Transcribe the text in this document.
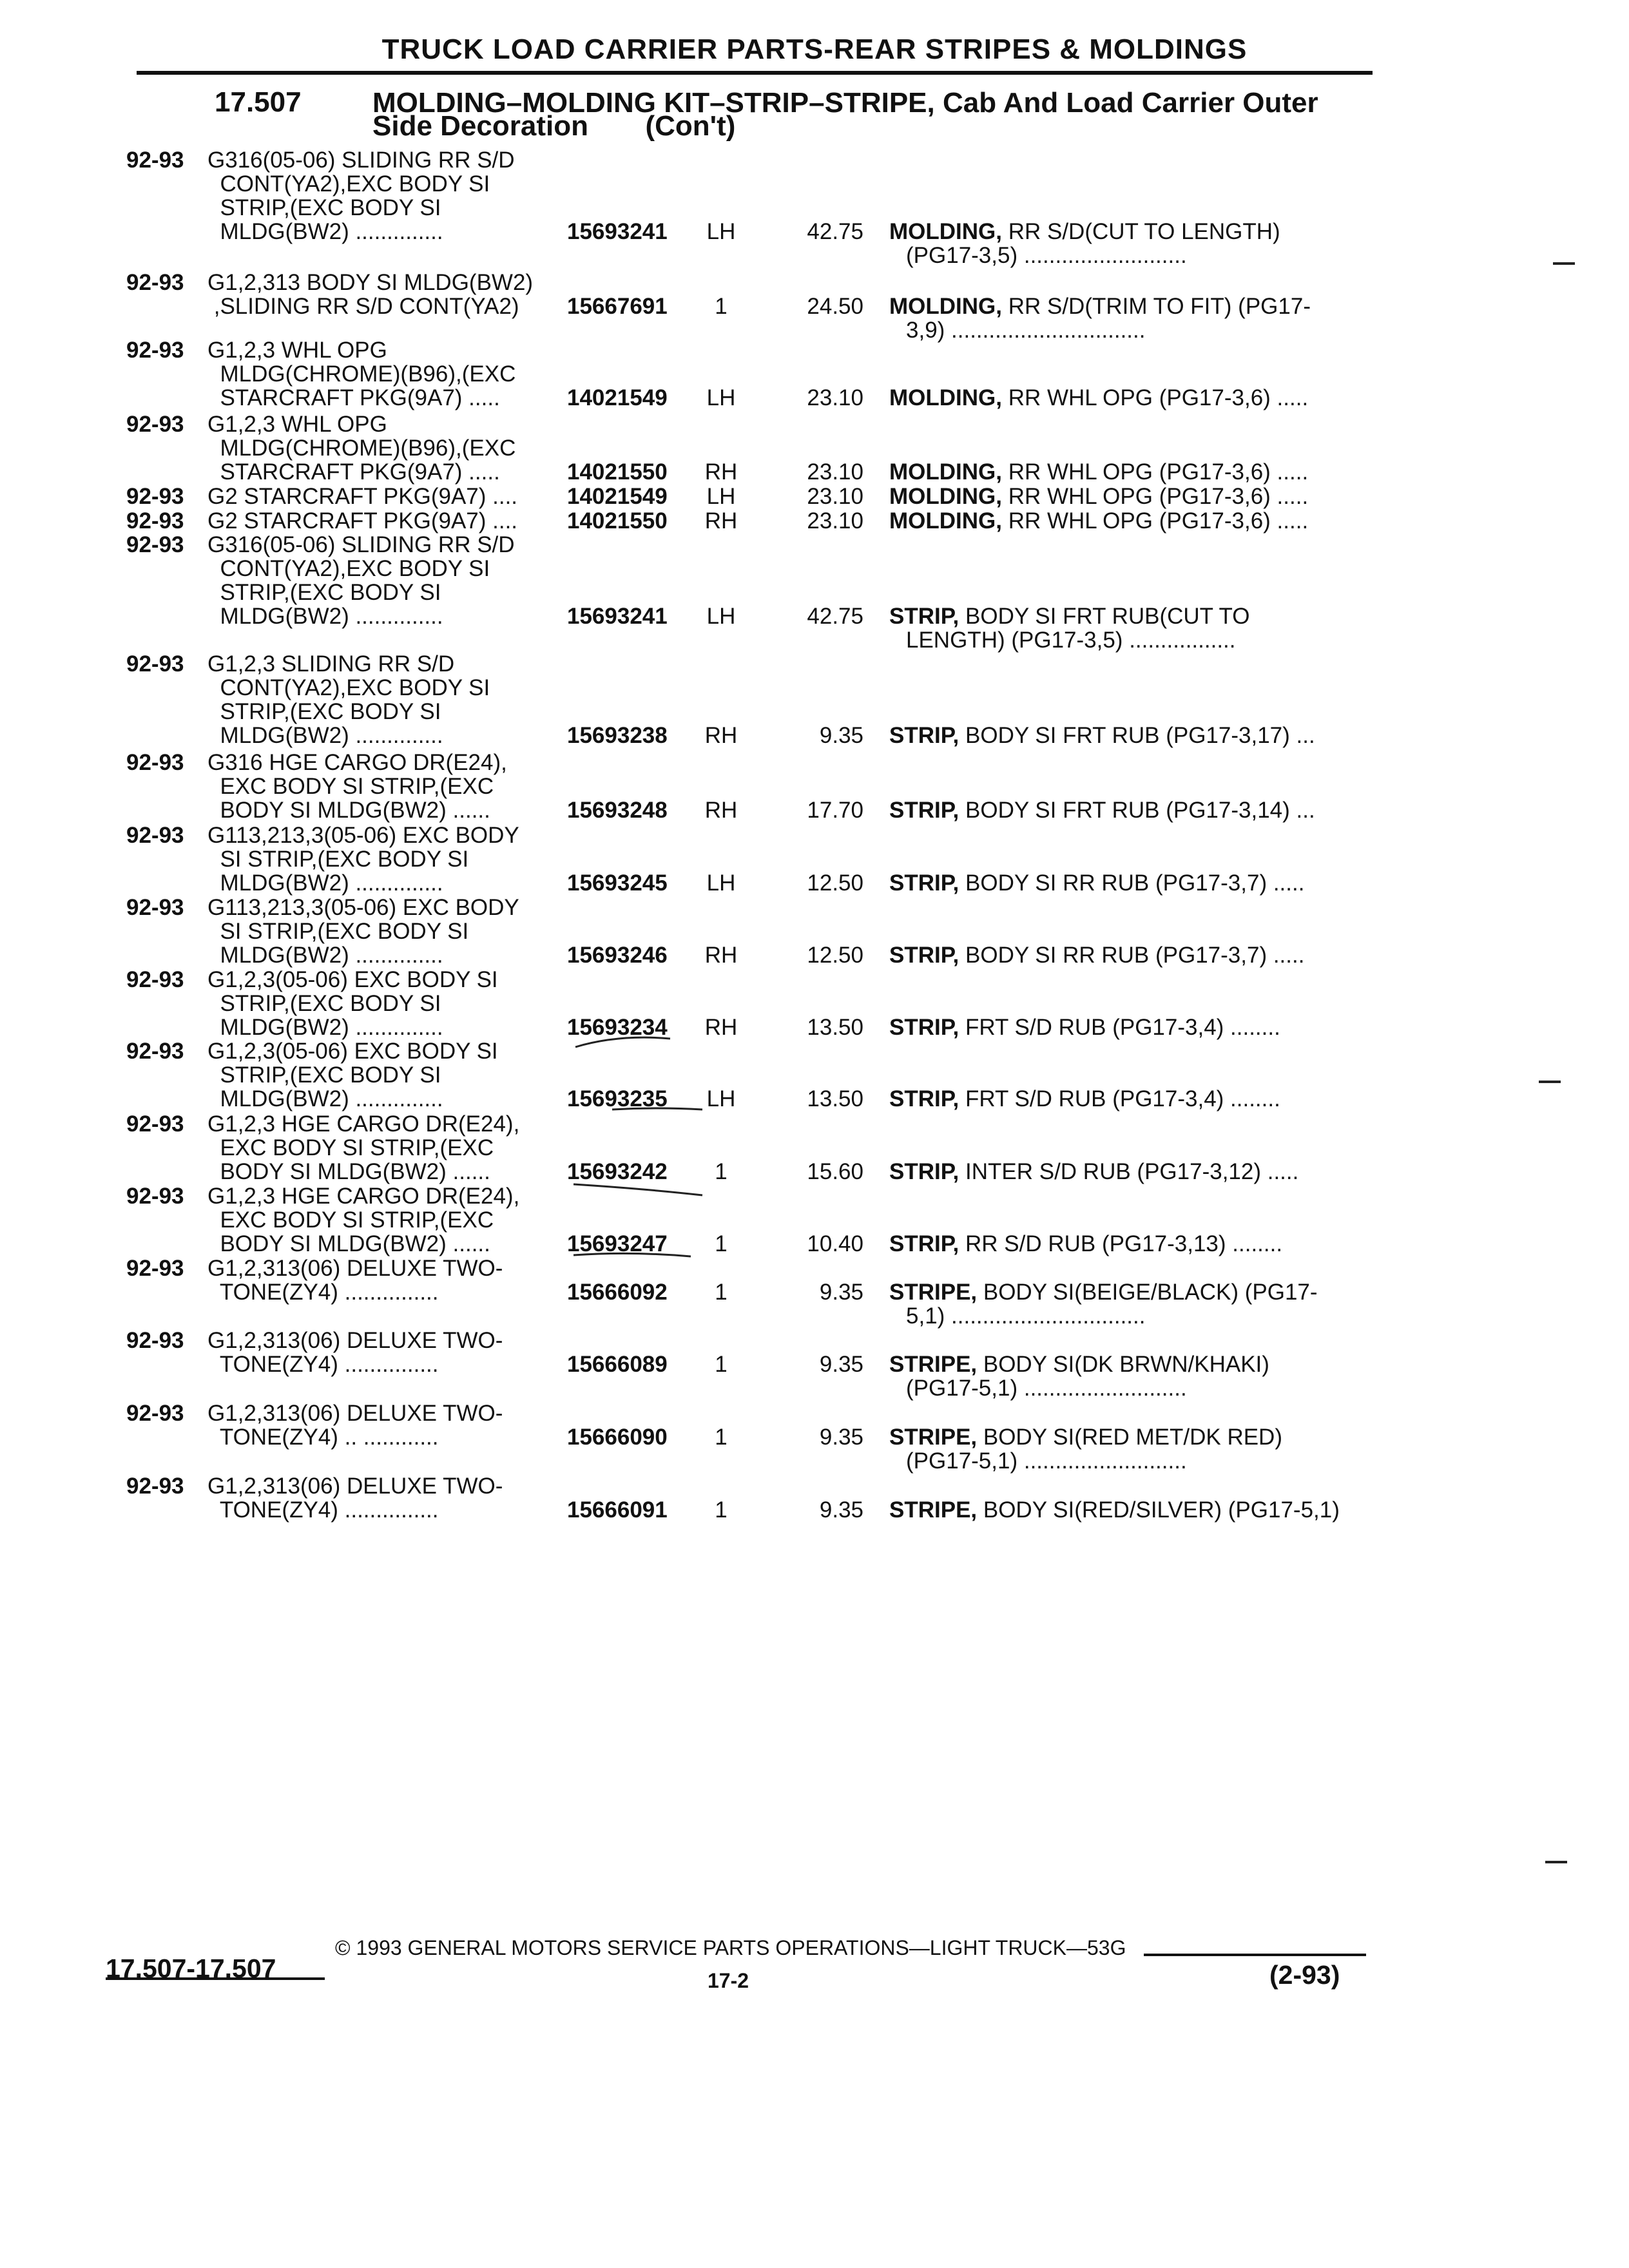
TRUCK LOAD CARRIER PARTS-REAR STRIPES & MOLDINGS
17.507	MOLDING–MOLDING KIT–STRIP–STRIPE, Cab And Load Carrier Outer
Side Decoration (Con't)
92-93 G316(05-06) SLIDING RR S/D
CONT(YA2),EXC BODY SI
STRIP,(EXC BODY SI
MLDG(BW2) ..............	15693241	LH	42.75 MOLDING, RR S/D(CUT TO LENGTH)
(PG17-3,5) ..........................
92-93 G1,2,313 BODY SI MLDG(BW2)
,SLIDING RR S/D CONT(YA2)	15667691	1	24.50 MOLDING, RR S/D(TRIM TO FIT) (PG17-
3,9) ...............................
92-93 G1,2,3 WHL OPG
MLDG(CHROME)(B96),(EXC
STARCRAFT PKG(9A7) .....	14021549	LH	23.10 MOLDING, RR WHL OPG (PG17-3,6) .....
92-93 G1,2,3 WHL OPG
MLDG(CHROME)(B96),(EXC
STARCRAFT PKG(9A7) .....	14021550 RH	23.10 MOLDING, RR WHL OPG (PG17-3,6) .....
92-93 G2 STARCRAFT PKG(9A7) .... 14021549	LH	23.10 MOLDING, RR WHL OPG (PG17-3,6) .....
92-93 G2 STARCRAFT PKG(9A7) .... 14021550 RH	23.10 MOLDING, RR WHL OPG (PG17-3,6) .....
92-93 G316(05-06) SLIDING RR S/D
CONT(YA2),EXC BODY SI
STRIP,(EXC BODY SI
MLDG(BW2) ..............	15693241	LH	42.75 STRIP, BODY SI FRT RUB(CUT TO
LENGTH) (PG17-3,5) .................
92-93 G1,2,3 SLIDING RR S/D
CONT(YA2),EXC BODY SI
STRIP,(EXC BODY SI
MLDG(BW2) ..............	15693238 RH	9.35 STRIP, BODY SI FRT RUB (PG17-3,17) ...
92-93 G316 HGE CARGO DR(E24),
EXC BODY SI STRIP,(EXC
BODY SI MLDG(BW2) ......	15693248 RH	17.70 STRIP, BODY SI FRT RUB (PG17-3,14) ...
92-93 G113,213,3(05-06) EXC BODY
SI STRIP,(EXC BODY SI
MLDG(BW2) ..............	15693245	LH	12.50 STRIP, BODY SI RR RUB (PG17-3,7) .....
92-93 G113,213,3(05-06) EXC BODY
SI STRIP,(EXC BODY SI
MLDG(BW2) ..............	15693246 RH	12.50 STRIP, BODY SI RR RUB (PG17-3,7) .....
92-93 G1,2,3(05-06) EXC BODY SI
STRIP,(EXC BODY SI
MLDG(BW2) ..............	15693234 RH	13.50 STRIP, FRT S/D RUB (PG17-3,4) ........
92-93 G1,2,3(05-06) EXC BODY SI
STRIP,(EXC BODY SI
MLDG(BW2) ..............	15693235	LH	13.50 STRIP, FRT S/D RUB (PG17-3,4) ........
92-93 G1,2,3 HGE CARGO DR(E24),
EXC BODY SI STRIP,(EXC
BODY SI MLDG(BW2) ......	15693242	1	15.60 STRIP, INTER S/D RUB (PG17-3,12) .....
92-93 G1,2,3 HGE CARGO DR(E24),
EXC BODY SI STRIP,(EXC
BODY SI MLDG(BW2) ......	15693247	1	10.40 STRIP, RR S/D RUB (PG17-3,13) ........
92-93 G1,2,313(06) DELUXE TWO-
TONE(ZY4) ...............	15666092	1	9.35 STRIPE, BODY SI(BEIGE/BLACK) (PG17-
5,1) ...............................
92-93 G1,2,313(06) DELUXE TWO-
TONE(ZY4) ...............	15666089	1	9.35 STRIPE, BODY SI(DK BRWN/KHAKI)
(PG17-5,1) ..........................
92-93 G1,2,313(06) DELUXE TWO-
TONE(ZY4) .. ............	15666090	1	9.35 STRIPE, BODY SI(RED MET/DK RED)
(PG17-5,1) ..........................
92-93 G1,2,313(06) DELUXE TWO-
TONE(ZY4) ...............	15666091	1	9.35 STRIPE, BODY SI(RED/SILVER) (PG17-5,1)
© 1993 GENERAL MOTORS SERVICE PARTS OPERATIONS—LIGHT TRUCK—53G
17.507-17.507	17-2	(2-93)
